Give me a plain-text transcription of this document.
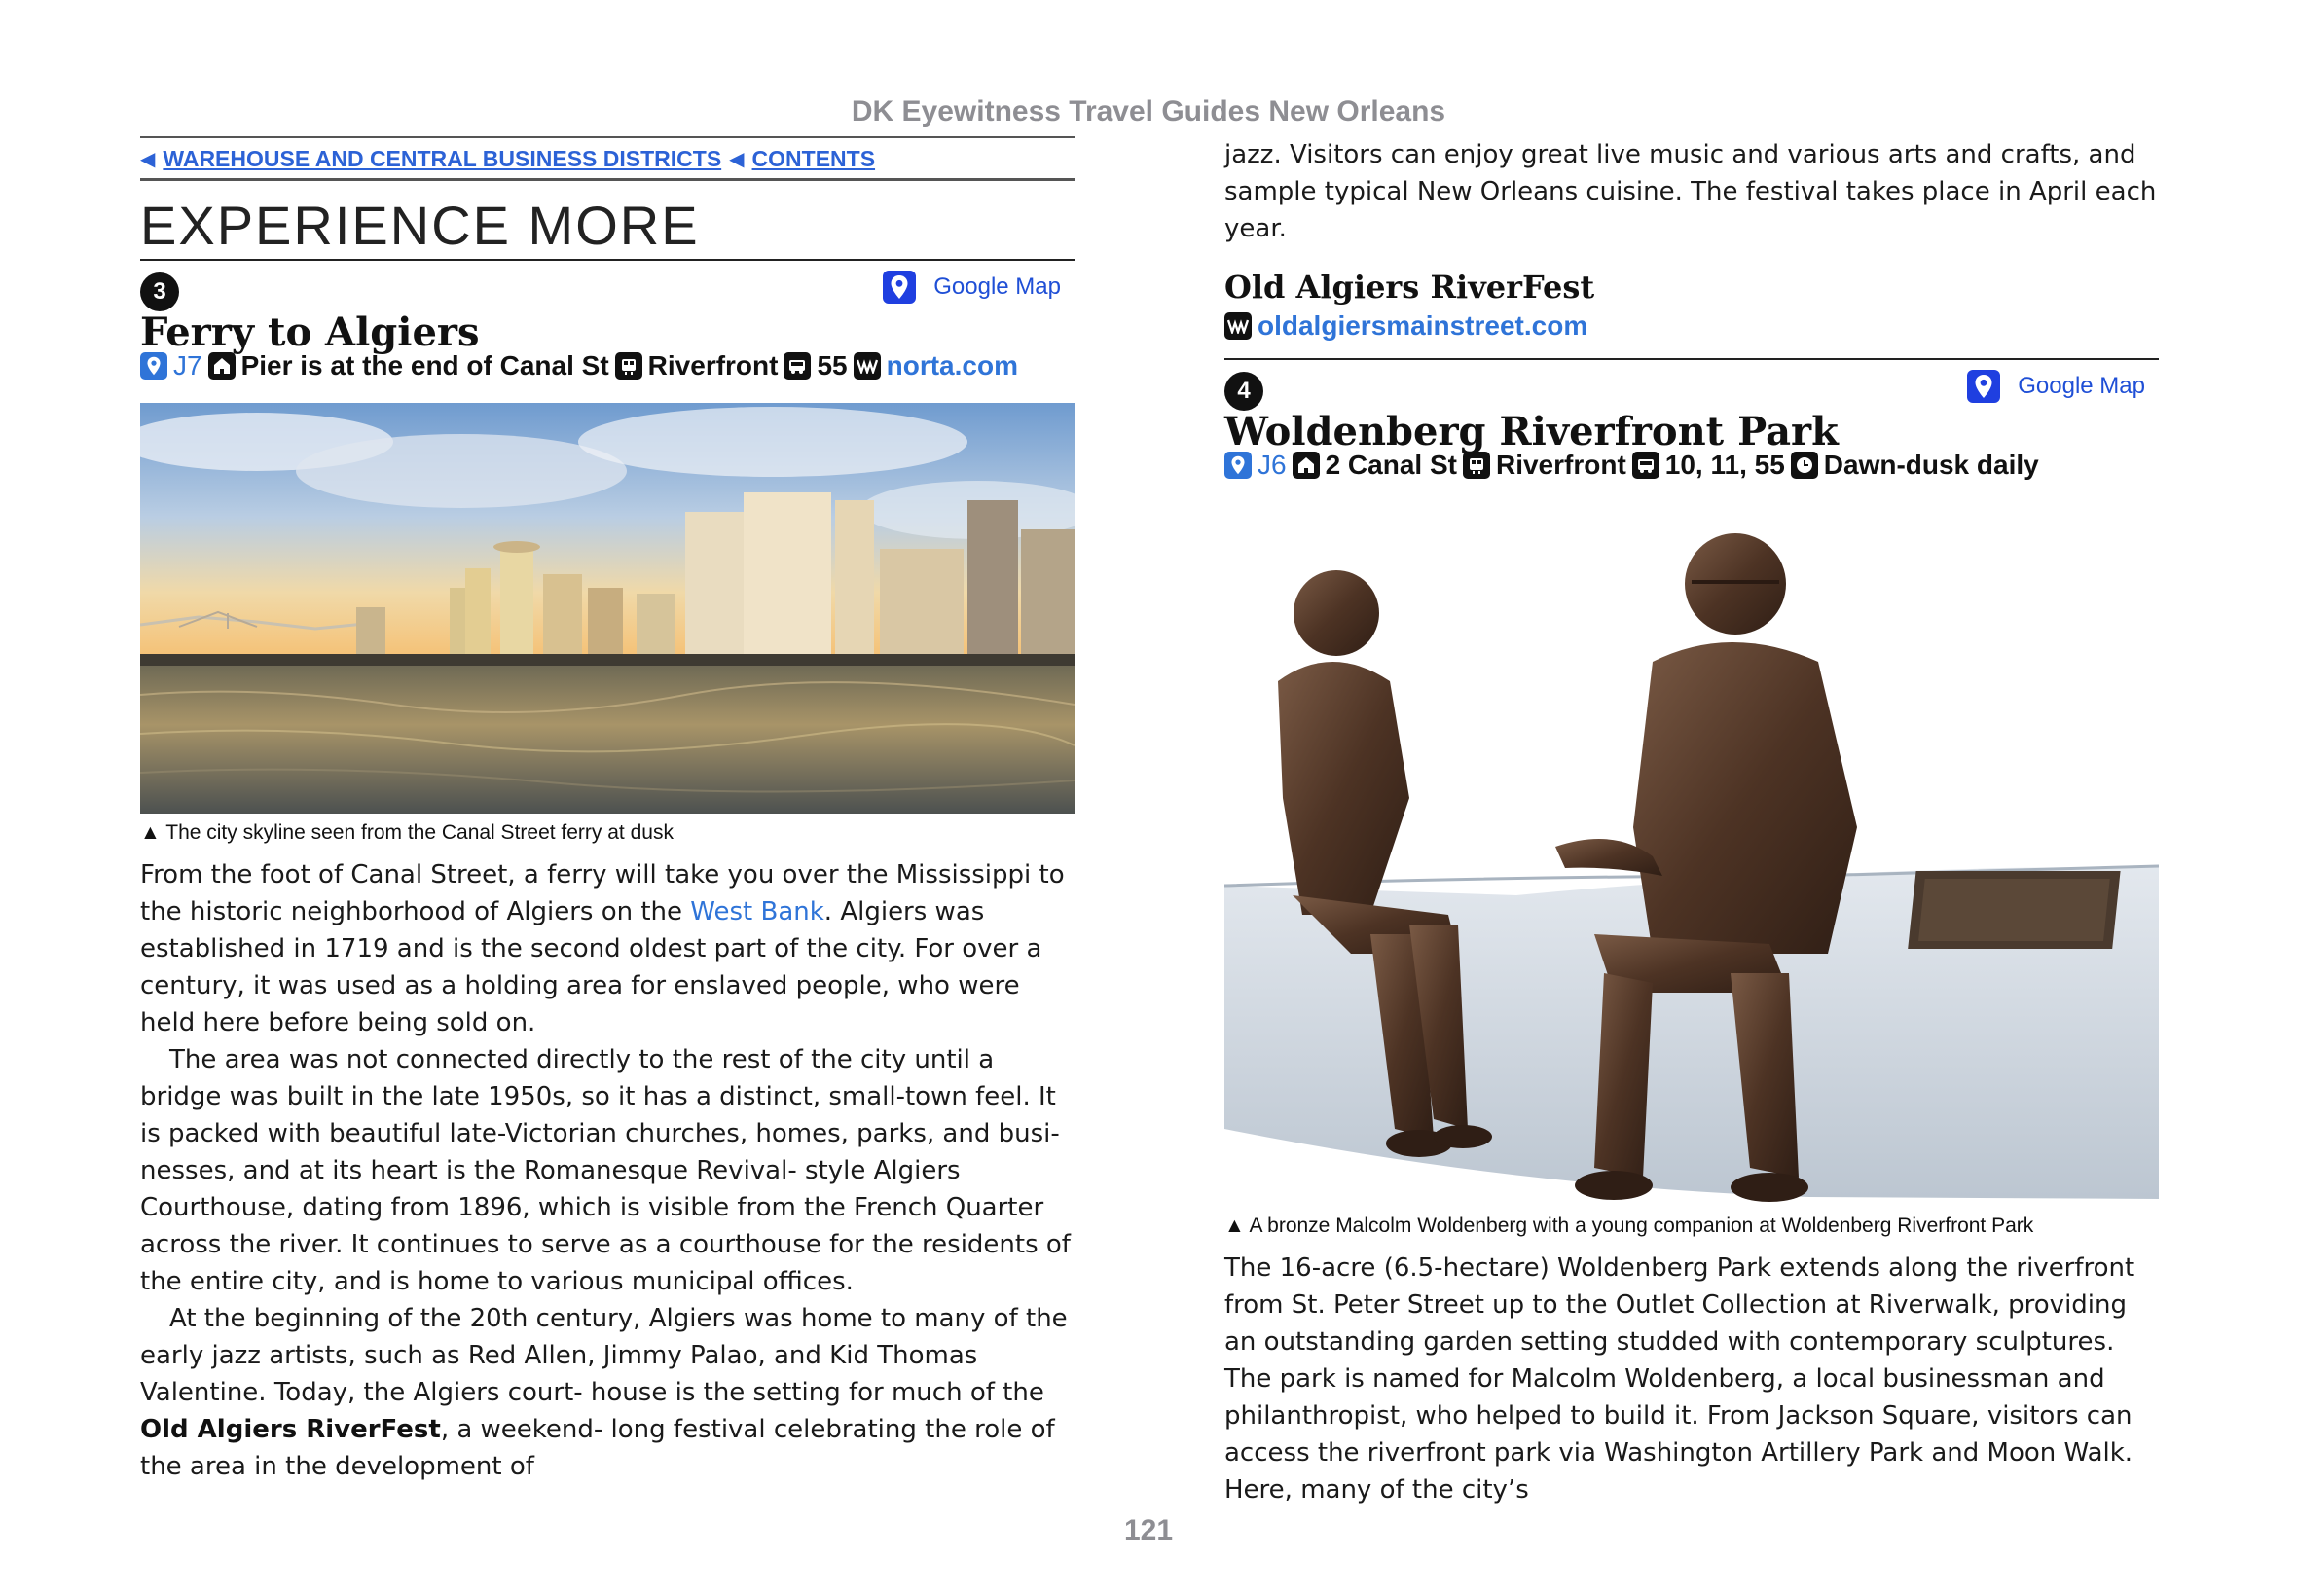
DK Eyewitness Travel Guides New Orleans
◀ WAREHOUSE AND CENTRAL BUSINESS DISTRICTS ◀ CONTENTS
EXPERIENCE MORE
3	Google Map
Ferry to Algiers
J7 Pier is at the end of Canal St Riverfront 55 norta.com
▲ The city skyline seen from the Canal Street ferry at dusk

From the foot of Canal Street, a ferry will take you over the Mississippi to the historic neighborhood of Algiers on the West Bank. Algiers was established in 1719 and is the second oldest part of the city. For over a century, it was used as a holding area for enslaved people, who were held here before being sold on.

The area was not connected directly to the rest of the city until a bridge was built in the late 1950s, so it has a distinct, small-town feel. It is packed with beautiful late-Victorian churches, homes, parks, and busi-nesses, and at its heart is the Romanesque Revival- style Algiers Courthouse, dating from 1896, which is visible from the French Quarter across the river. It continues to serve as a courthouse for the residents of the entire city, and is home to various municipal offices.

At the beginning of the 20th century, Algiers was home to many of the early jazz artists, such as Red Allen, Jimmy Palao, and Kid Thomas Valentine. Today, the Algiers court- house is the setting for much of the Old Algiers RiverFest, a weekend- long festival celebrating the role of the area in the development of

jazz. Visitors can enjoy great live music and various arts and crafts, and sample typical New Orleans cuisine. The festival takes place in April each year.
Old Algiers RiverFest
oldalgiersmainstreet.com
4	Google Map
Woldenberg Riverfront Park
J6 2 Canal St Riverfront 10, 11, 55 Dawn-dusk daily
▲ A bronze Malcolm Woldenberg with a young companion at Woldenberg Riverfront Park

The 16-acre (6.5-hectare) Woldenberg Park extends along the riverfront from St. Peter Street up to the Outlet Collection at Riverwalk, providing an outstanding garden setting studded with contemporary sculptures. The park is named for Malcolm Woldenberg, a local businessman and philanthropist, who helped to build it. From Jackson Square, visitors can access the riverfront park via Washington Artillery Park and Moon Walk. Here, many of the city’s

121
